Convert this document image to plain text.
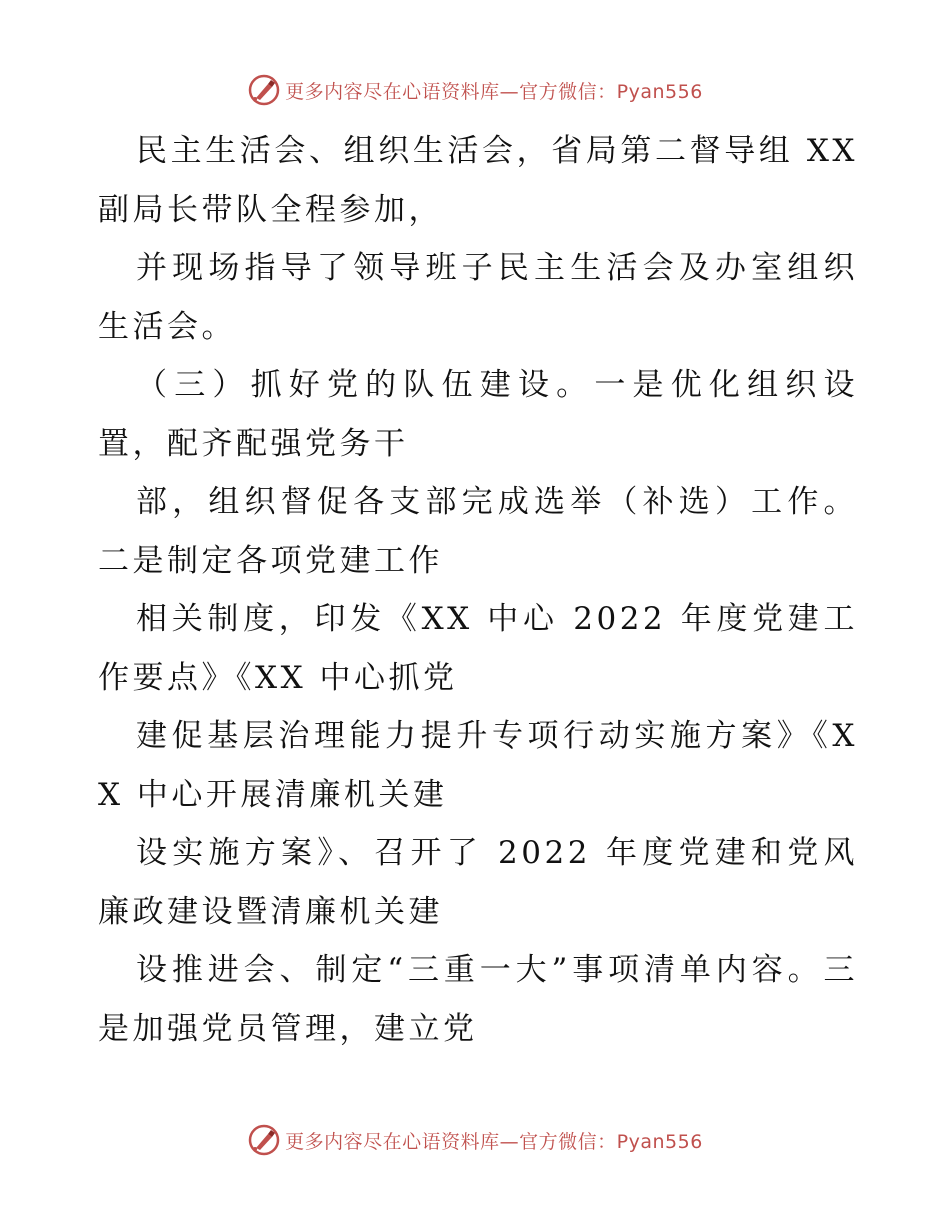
更多内容尽在心语资料库—官方微信：Pyan556

民主生活会、组织生活会，省局第二督导组 XX 副局长带队全程参加，

并现场指导了领导班子民主生活会及办室组织生活会。

（三）抓好党的队伍建设。一是优化组织设置，配齐配强党务干

部，组织督促各支部完成选举（补选）工作。二是制定各项党建工作

相关制度，印发《XX 中心 2022 年度党建工作要点》《XX 中心抓党

建促基层治理能力提升专项行动实施方案》《XX 中心开展清廉机关建

设实施方案》、召开了 2022 年度党建和党风廉政建设暨清廉机关建

设推进会、制定“三重一大”事项清单内容。三是加强党员管理，建立党

更多内容尽在心语资料库—官方微信：Pyan556
